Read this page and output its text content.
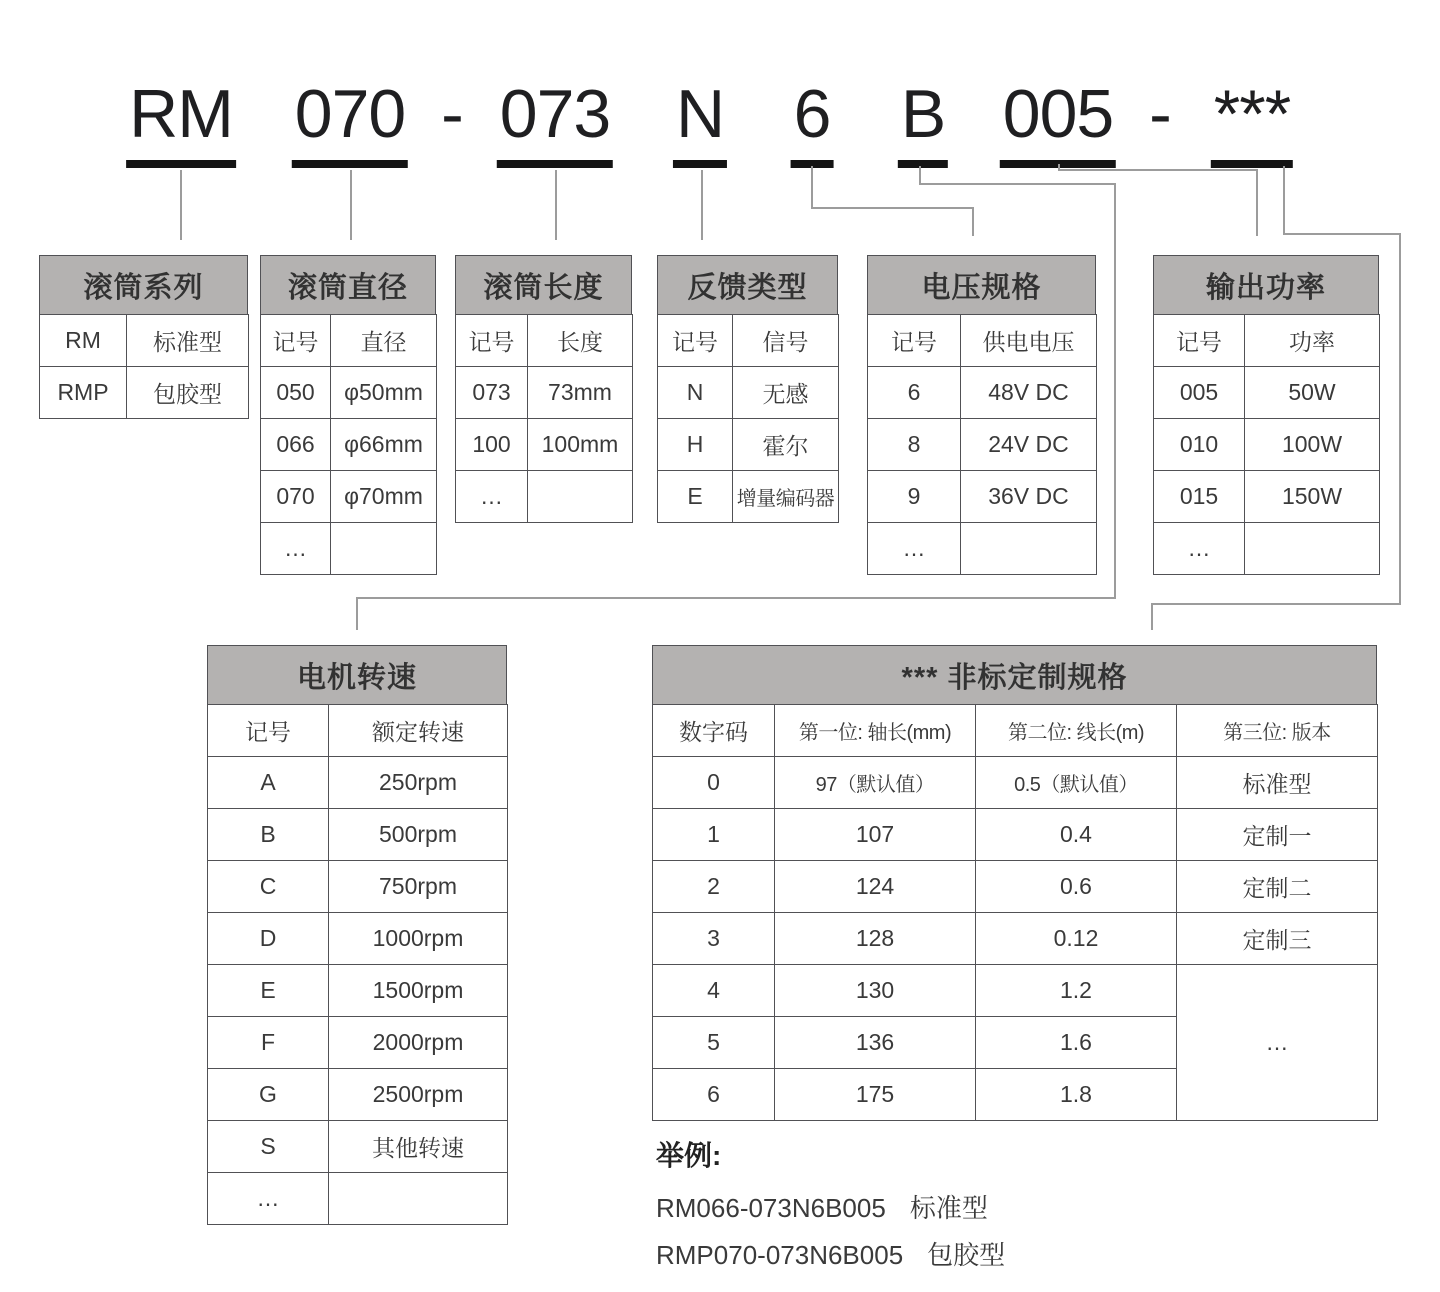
RM 070 - 073 N 6 B 005 - ***
滚筒系列
RM	标准型
RMP	包胶型
滚筒直径
记号	直径
050	φ50mm
066	φ66mm
070	φ70mm
…	
滚筒长度
记号	长度
073	73mm
100	100mm
…	
反馈类型
记号	信号
N	无感
H	霍尔
E	增量编码器
电压规格
记号	供电电压
6	48V DC
8	24V DC
9	36V DC
…	
输出功率
记号	功率
005	50W
010	100W
015	150W
…	
电机转速
记号	额定转速
A	250rpm
B	500rpm
C	750rpm
D	1000rpm
E	1500rpm
F	2000rpm
G	2500rpm
S	其他转速
…	
*** 非标定制规格
数字码	第一位: 轴长(mm)	第二位: 线长(m)	第三位: 版本
0	97（默认值）	0.5（默认值）	标准型
1	107	0.4	定制一
2	124	0.6	定制二
3	128	0.12	定制三
4	130	1.2	…
5	136	1.6	
6	175	1.8	
举例:
RM066-073N6B005 标准型
RMP070-073N6B005 包胶型
